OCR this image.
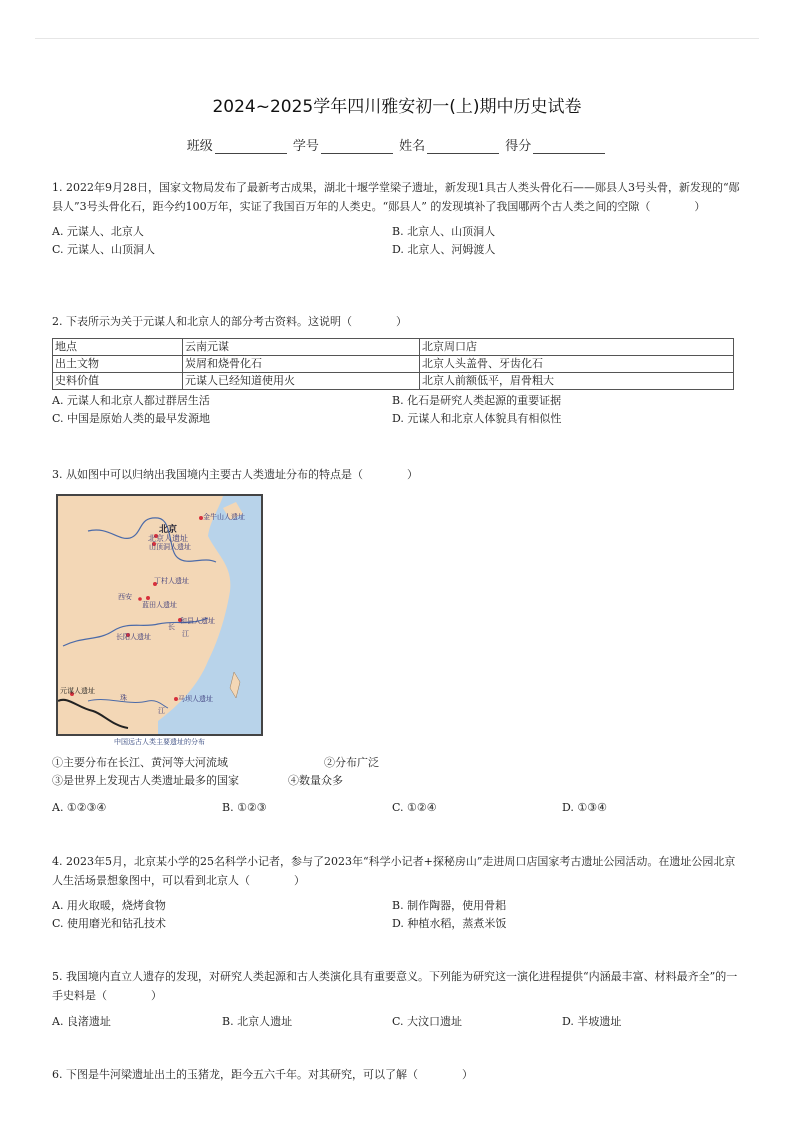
2024~2025学年四川雅安初一(上)期中历史试卷
班级	学号	姓名	得分
1. 2022年9月28日，国家文物局发布了最新考古成果，湖北十堰学堂梁子遗址，新发现1具古人类头骨化石——郧县人3号头骨，新发现的“郧县人”3号头骨化石，距今约100万年，实证了我国百万年的人类史。“郧县人” 的发现填补了我国哪两个古人类之间的空隙（　　　　）
A. 元谋人、北京人	B. 北京人、山顶洞人
C. 元谋人、山顶洞人	D. 北京人、河姆渡人
2. 下表所示为关于元谋人和北京人的部分考古资料。这说明（　　　　）
地点	云南元谋	北京周口店
出土文物	炭屑和烧骨化石	北京人头盖骨、牙齿化石
史料价值	元谋人已经知道使用火	北京人前额低平，眉骨粗大
A. 元谋人和北京人都过群居生活	B. 化石是研究人类起源的重要证据
C. 中国是原始人类的最早发源地	D. 元谋人和北京人体貌具有相似性
3. 从如图中可以归纳出我国境内主要古人类遗址分布的特点是（　　　　）
北京
金牛山人遗址
北京人遗址
山顶洞人遗址
丁村人遗址
西安
蓝田人遗址
和县人遗址
长
江
长阳人遗址
马坝人遗址
元谋人遗址
珠
江
中国远古人类主要遗址的分布
①主要分布在长江、黄河等大河流域	②分布广泛
③是世界上发现古人类遗址最多的国家	④数量众多
A. ①②③④	B. ①②③	C. ①②④	D. ①③④
4. 2023年5月，北京某小学的25名科学小记者，参与了2023年“科学小记者+探秘房山”走进周口店国家考古遗址公园活动。在遗址公园北京人生活场景想象图中，可以看到北京人（　　　　）
A. 用火取暖，烧烤食物	B. 制作陶器，使用骨耜
C. 使用磨光和钻孔技术	D. 种植水稻，蒸煮米饭
5. 我国境内直立人遗存的发现，对研究人类起源和古人类演化具有重要意义。下列能为研究这一演化进程提供“内涵最丰富、材料最齐全”的一手史料是（　　　　）
A. 良渚遗址	B. 北京人遗址	C. 大汶口遗址	D. 半坡遗址
6. 下图是牛河梁遗址出土的玉猪龙，距今五六千年。对其研究，可以了解（　　　　）
